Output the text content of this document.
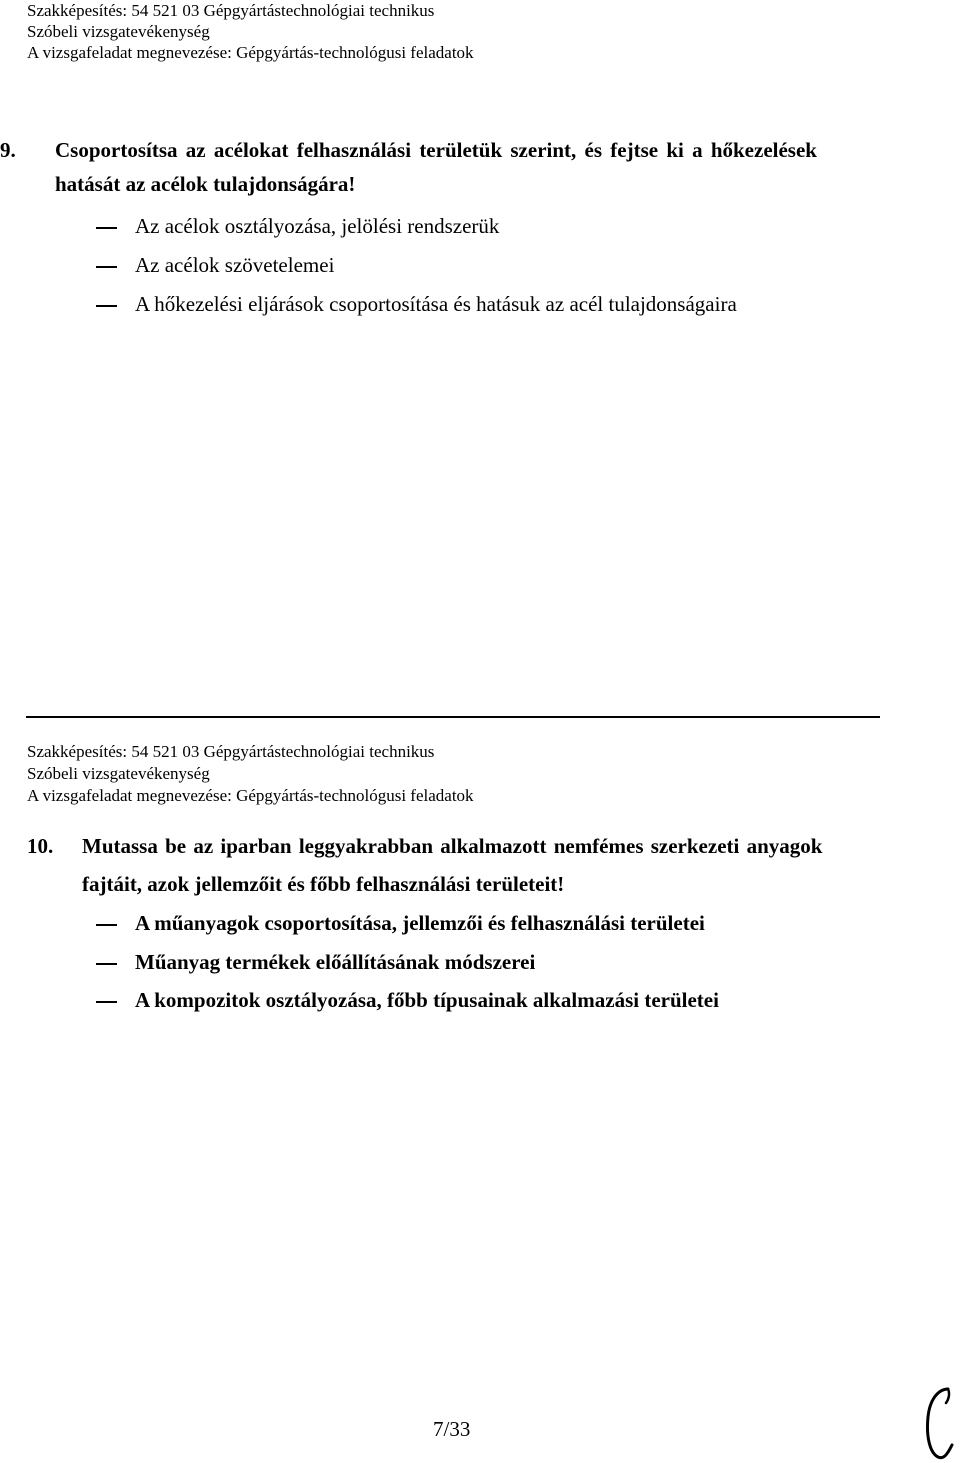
Szakképesítés: 54 521 03 Gépgyártástechnológiai technikus
Szóbeli vizsgatevékenység
A vizsgafeladat megnevezése: Gépgyártás-technológusi feladatok
9. Csoportosítsa az acélokat felhasználási területük szerint, és fejtse ki a hőkezelések
hatását az acélok tulajdonságára!
Az acélok osztályozása, jelölési rendszerük
Az acélok szövetelemei
A hőkezelési eljárások csoportosítása és hatásuk az acél tulajdonságaira
Szakképesítés: 54 521 03 Gépgyártástechnológiai technikus
Szóbeli vizsgatevékenység
A vizsgafeladat megnevezése: Gépgyártás-technológusi feladatok
10. Mutassa be az iparban leggyakrabban alkalmazott nemfémes szerkezeti anyagok
fajtáit, azok jellemzőit és főbb felhasználási területeit!
A műanyagok csoportosítása, jellemzői és felhasználási területei
Műanyag termékek előállításának módszerei
A kompozitok osztályozása, főbb típusainak alkalmazási területei
7/33
